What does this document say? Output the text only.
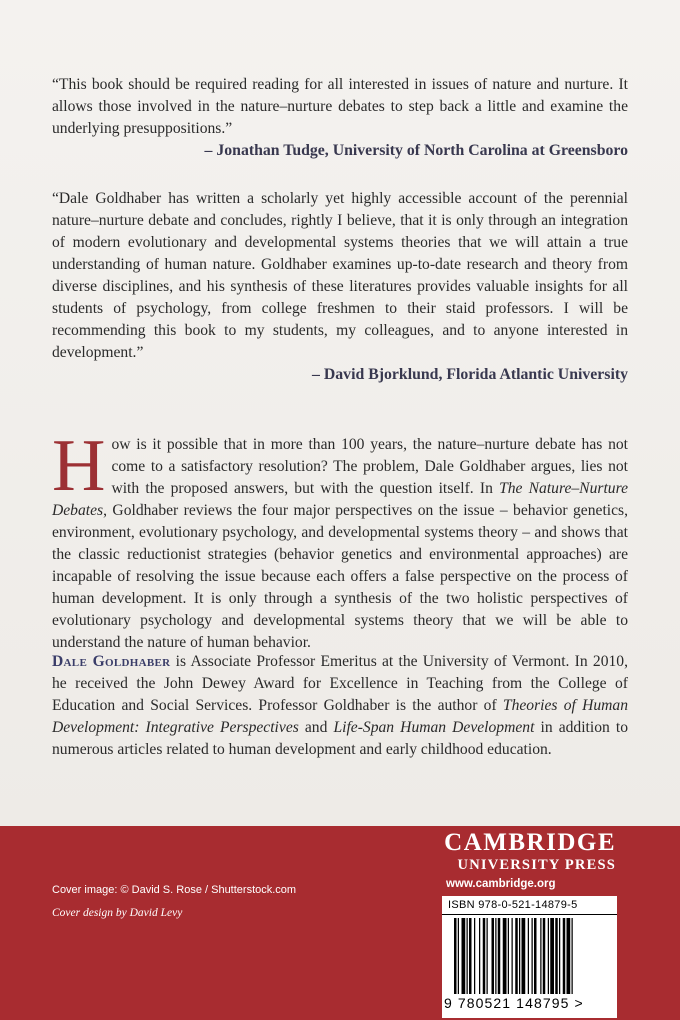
“This book should be required reading for all interested in issues of nature and nurture. It allows those involved in the nature–nurture debates to step back a little and examine the underlying presuppositions.”

– Jonathan Tudge, University of North Carolina at Greensboro

“Dale Goldhaber has written a scholarly yet highly accessible account of the perennial nature–nurture debate and concludes, rightly I believe, that it is only through an integration of modern evolutionary and developmental systems theories that we will attain a true understanding of human nature. Goldhaber examines up-to-date research and theory from diverse disciplines, and his synthesis of these literatures provides valuable insights for all students of psychology, from college freshmen to their staid professors. I will be recommending this book to my students, my colleagues, and to anyone interested in development.”

– David Bjorklund, Florida Atlantic University

How is it possible that in more than 100 years, the nature–nurture debate has not come to a satisfactory resolution? The problem, Dale Goldhaber argues, lies not with the proposed answers, but with the question itself. In The Nature–Nurture Debates, Goldhaber reviews the four major perspectives on the issue – behavior genetics, environment, evolutionary psychology, and developmental systems theory – and shows that the classic reductionist strategies (behavior genetics and environmental approaches) are incapable of resolving the issue because each offers a false perspective on the process of human development. It is only through a synthesis of the two holistic perspectives of evolutionary psychology and developmental systems theory that we will be able to understand the nature of human behavior.

Dale Goldhaber is Associate Professor Emeritus at the University of Vermont. In 2010, he received the John Dewey Award for Excellence in Teaching from the College of Education and Social Services. Professor Goldhaber is the author of Theories of Human Development: Integrative Perspectives and Life-Span Human Development in addition to numerous articles related to human development and early childhood education.

CAMBRIDGE
UNIVERSITY PRESS
www.cambridge.org
Cover image: © David S. Rose / Shutterstock.com
Cover design by David Levy
ISBN 978-0-521-14879-5
9 780521 148795 >
